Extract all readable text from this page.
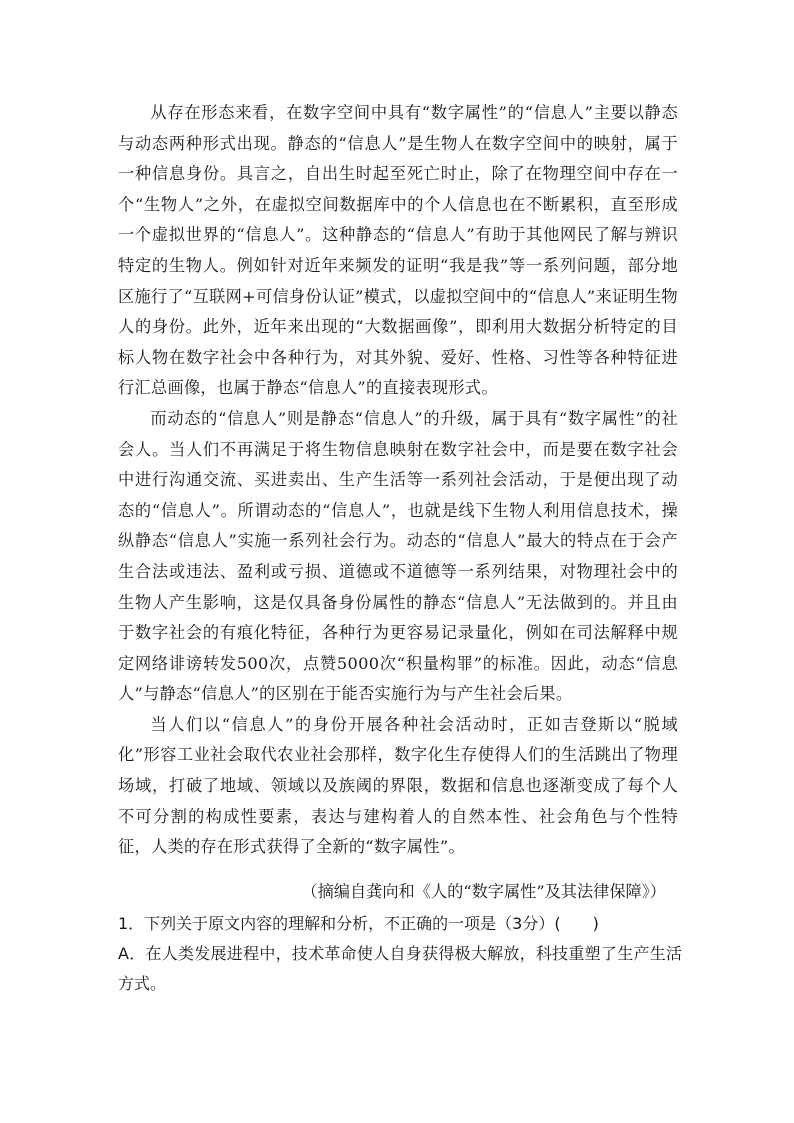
从存在形态来看，在数字空间中具有“数字属性”的“信息人”主要以静态与动态两种形式出现。静态的“信息人”是生物人在数字空间中的映射，属于一种信息身份。具言之，自出生时起至死亡时止，除了在物理空间中存在一个“生物人”之外，在虚拟空间数据库中的个人信息也在不断累积，直至形成一个虚拟世界的“信息人”。这种静态的“信息人”有助于其他网民了解与辨识特定的生物人。例如针对近年来频发的证明“我是我”等一系列问题，部分地区施行了“互联网+可信身份认证”模式，以虚拟空间中的“信息人”来证明生物人的身份。此外，近年来出现的“大数据画像”，即利用大数据分析特定的目标人物在数字社会中各种行为，对其外貌、爱好、性格、习性等各种特征进行汇总画像，也属于静态“信息人”的直接表现形式。

而动态的“信息人”则是静态“信息人”的升级，属于具有“数字属性”的社会人。当人们不再满足于将生物信息映射在数字社会中，而是要在数字社会中进行沟通交流、买进卖出、生产生活等一系列社会活动，于是便出现了动态的“信息人”。所谓动态的“信息人”，也就是线下生物人利用信息技术，操纵静态“信息人”实施一系列社会行为。动态的“信息人”最大的特点在于会产生合法或违法、盈利或亏损、道德或不道德等一系列结果，对物理社会中的生物人产生影响，这是仅具备身份属性的静态“信息人”无法做到的。并且由于数字社会的有痕化特征，各种行为更容易记录量化，例如在司法解释中规定网络诽谤转发500次，点赞5000次“积量构罪”的标准。因此，动态“信息人”与静态“信息人”的区别在于能否实施行为与产生社会后果。

当人们以“信息人”的身份开展各种社会活动时，正如吉登斯以“脱域化”形容工业社会取代农业社会那样，数字化生存使得人们的生活跳出了物理场域，打破了地域、领域以及族阈的界限，数据和信息也逐渐变成了每个人不可分割的构成性要素，表达与建构着人的自然本性、社会角色与个性特征，人类的存在形式获得了全新的“数字属性”。

（摘编自龚向和《人的“数字属性”及其法律保障》）

1．下列关于原文内容的理解和分析，不正确的一项是（3分）(　　)

A．在人类发展进程中，技术革命使人自身获得极大解放，科技重塑了生产生活方式。
